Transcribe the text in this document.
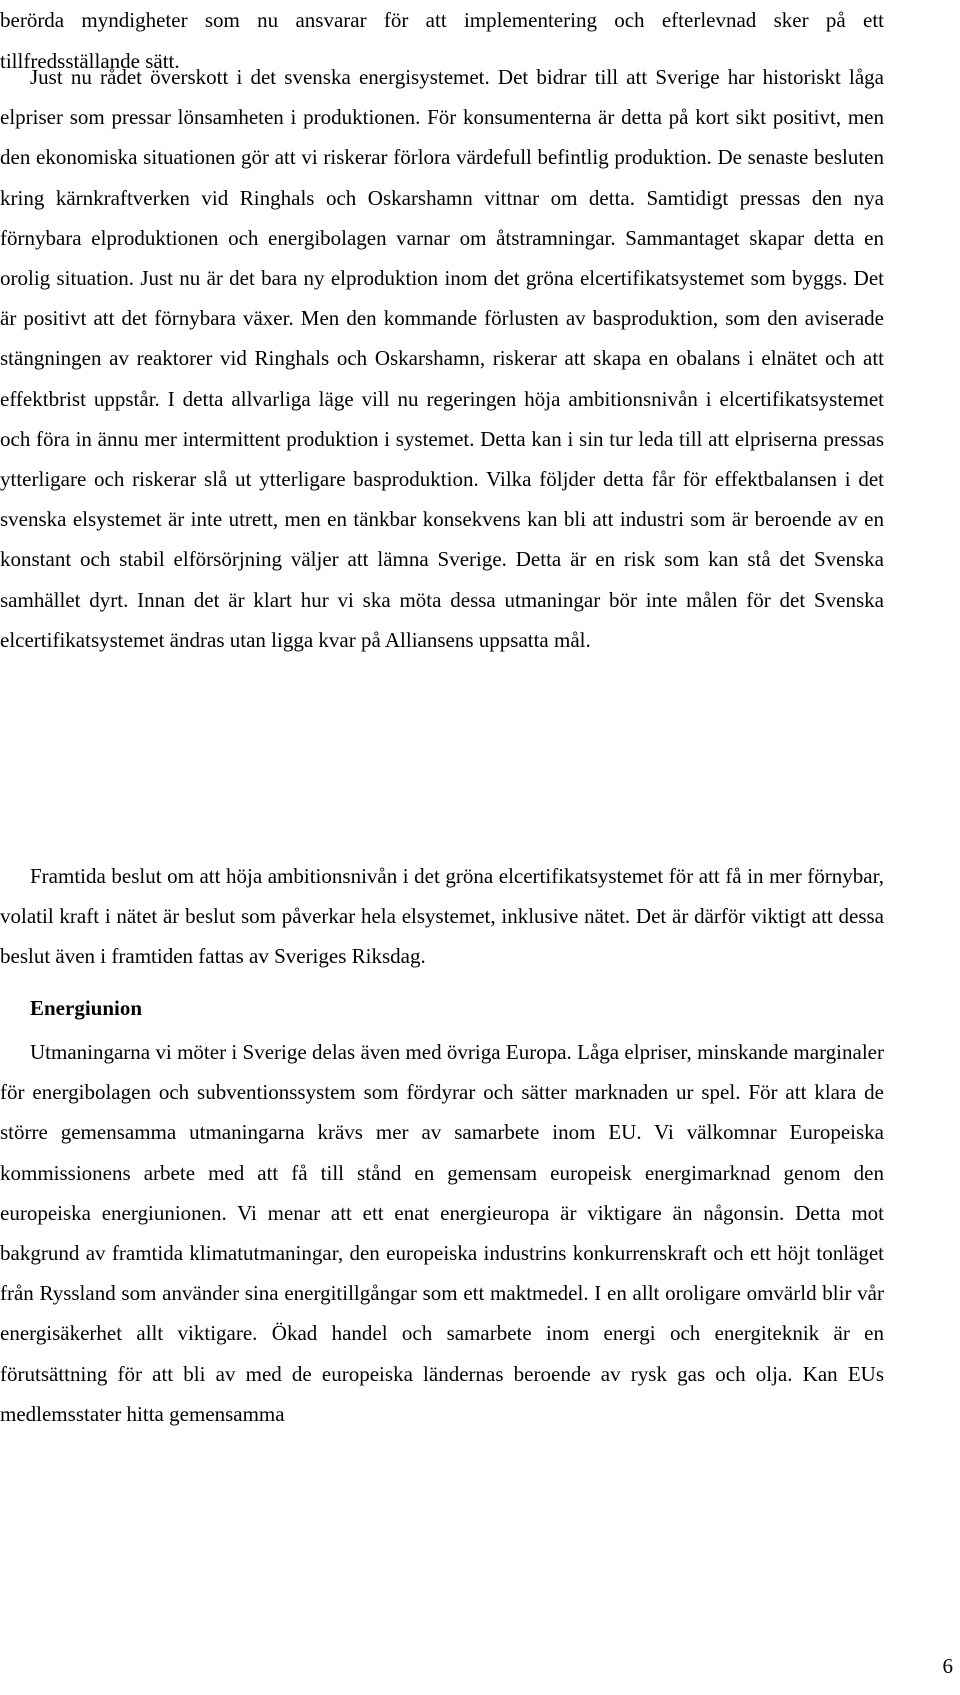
berörda myndigheter som nu ansvarar för att implementering och efterlevnad sker på ett tillfredsställande sätt.

Just nu rådet överskott i det svenska energisystemet. Det bidrar till att Sverige har historiskt låga elpriser som pressar lönsamheten i produktionen. För konsumenterna är detta på kort sikt positivt, men den ekonomiska situationen gör att vi riskerar förlora värdefull befintlig produktion. De senaste besluten kring kärnkraftverken vid Ringhals och Oskarshamn vittnar om detta. Samtidigt pressas den nya förnybara elproduktionen och energibolagen varnar om åtstramningar. Sammantaget skapar detta en orolig situation. Just nu är det bara ny elproduktion inom det gröna elcertifikatsystemet som byggs. Det är positivt att det förnybara växer. Men den kommande förlusten av basproduktion, som den aviserade stängningen av reaktorer vid Ringhals och Oskarshamn, riskerar att skapa en obalans i elnätet och att effektbrist uppstår. I detta allvarliga läge vill nu regeringen höja ambitionsnivån i elcertifikatsystemet och föra in ännu mer intermittent produktion i systemet. Detta kan i sin tur leda till att elpriserna pressas ytterligare och riskerar slå ut ytterligare basproduktion. Vilka följder detta får för effektbalansen i det svenska elsystemet är inte utrett, men en tänkbar konsekvens kan bli att industri som är beroende av en konstant och stabil elförsörjning väljer att lämna Sverige. Detta är en risk som kan stå det Svenska samhället dyrt. Innan det är klart hur vi ska möta dessa utmaningar bör inte målen för det Svenska elcertifikatsystemet ändras utan ligga kvar på Alliansens uppsatta mål.

Framtida beslut om att höja ambitionsnivån i det gröna elcertifikatsystemet för att få in mer förnybar, volatil kraft i nätet är beslut som påverkar hela elsystemet, inklusive nätet. Det är därför viktigt att dessa beslut även i framtiden fattas av Sveriges Riksdag.

Energiunion

Utmaningarna vi möter i Sverige delas även med övriga Europa. Låga elpriser, minskande marginaler för energibolagen och subventionssystem som fördyrar och sätter marknaden ur spel. För att klara de större gemensamma utmaningarna krävs mer av samarbete inom EU. Vi välkomnar Europeiska kommissionens arbete med att få till stånd en gemensam europeisk energimarknad genom den europeiska energiunionen. Vi menar att ett enat energieuropa är viktigare än någonsin. Detta mot bakgrund av framtida klimatutmaningar, den europeiska industrins konkurrenskraft och ett höjt tonläget från Ryssland som använder sina energitillgångar som ett maktmedel. I en allt oroligare omvärld blir vår energisäkerhet allt viktigare. Ökad handel och samarbete inom energi och energiteknik är en förutsättning för att bli av med de europeiska ländernas beroende av rysk gas och olja. Kan EUs medlemsstater hitta gemensamma

6
